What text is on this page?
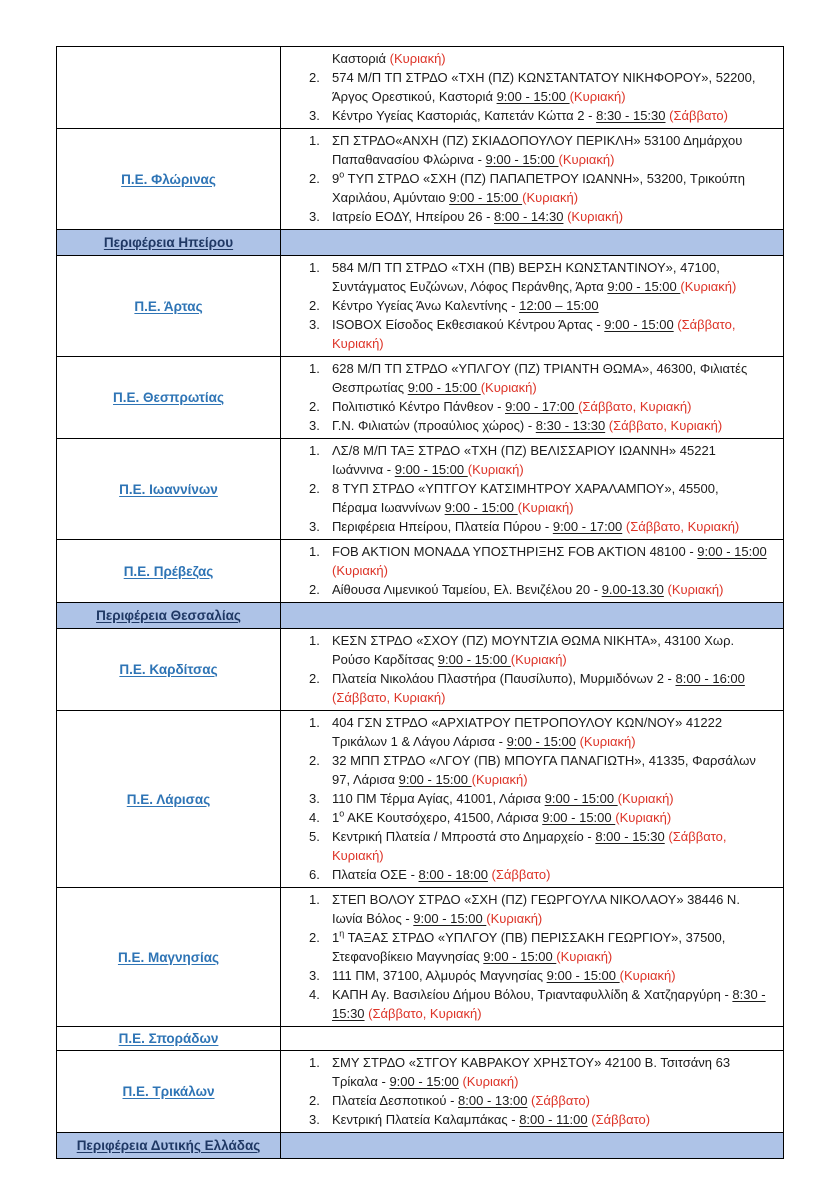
Καστοριά (Κυριακή)
2. 574 Μ/Π ΤΠ ΣΤΡΔΟ «ΤΧΗ (ΠΖ) ΚΩΝΣΤΑΝΤΑΤΟΥ ΝΙΚΗΦΟΡΟΥ», 52200, Άργος Ορεστικού, Καστοριά 9:00 - 15:00 (Κυριακή)
3. Κέντρο Υγείας Καστοριάς, Καπετάν Κώττα 2 - 8:30 - 15:30 (Σάββατο)
Π.Ε. Φλώρινας
1. ΣΠ ΣΤΡΔΟ«ΑΝΧΗ (ΠΖ) ΣΚΙΑΔΟΠΟΥΛΟΥ ΠΕΡΙΚΛΗ» 53100 Δημάρχου Παπαθανασίου Φλώρινα - 9:00 - 15:00 (Κυριακή)
2. $9^o$ ΤΥΠ ΣΤΡΔΟ «ΣΧΗ (ΠΖ) ΠΑΠΑΠΕΤΡΟΥ ΙΩΑΝΝΗ», 53200, Τρικούπη Χαριλάου, Αμύνταιο 9:00 - 15:00 (Κυριακή)
3. Ιατρείο ΕΟΔΥ, Ηπείρου 26 - 8:00 - 14:30 (Κυριακή)
Περιφέρεια Ηπείρου
Π.Ε. Άρτας
1. 584 Μ/Π ΤΠ ΣΤΡΔΟ «ΤΧΗ (ΠΒ) ΒΕΡΣΗ ΚΩΝΣΤΑΝΤΙΝΟΥ», 47100, Συντάγματος Ευζώνων, Λόφος Περάνθης, Άρτα 9:00 - 15:00 (Κυριακή)
2. Κέντρο Υγείας Άνω Καλεντίνης - 12:00 – 15:00
3. ISOBOX Είσοδος Εκθεσιακού Κέντρου Άρτας - 9:00 - 15:00 (Σάββατο, Κυριακή)
Π.Ε. Θεσπρωτίας
1. 628 Μ/Π ΤΠ ΣΤΡΔΟ «ΥΠΛΓΟΥ (ΠΖ) ΤΡΙΑΝΤΗ ΘΩΜΑ», 46300, Φιλιατές Θεσπρωτίας 9:00 - 15:00 (Κυριακή)
2. Πολιτιστικό Κέντρο Πάνθεον - 9:00 - 17:00 (Σάββατο, Κυριακή)
3. Γ.Ν. Φιλιατών (προαύλιος χώρος) - 8:30 - 13:30 (Σάββατο, Κυριακή)
Π.Ε. Ιωαννίνων
1. ΛΣ/8 Μ/Π ΤΑΞ ΣΤΡΔΟ «ΤΧΗ (ΠΖ) ΒΕΛΙΣΣΑΡΙΟΥ ΙΩΑΝΝΗ» 45221 Ιωάννινα - 9:00 - 15:00 (Κυριακή)
2. 8 ΤΥΠ ΣΤΡΔΟ «ΥΠΤΓΟΥ ΚΑΤΣΙΜΗΤΡΟΥ ΧΑΡΑΛΑΜΠΟΥ», 45500, Πέραμα Ιωαννίνων 9:00 - 15:00 (Κυριακή)
3. Περιφέρεια Ηπείρου, Πλατεία Πύρου - 9:00 - 17:00 (Σάββατο, Κυριακή)
Π.Ε. Πρέβεζας
1. FOB AKTION ΜΟΝΑΔΑ ΥΠΟΣΤΗΡΙΞΗΣ FOB AKTION 48100 - 9:00 - 15:00 (Κυριακή)
2. Αίθουσα Λιμενικού Ταμείου, Ελ. Βενιζέλου 20 - 9.00-13.30 (Κυριακή)
Περιφέρεια Θεσσαλίας
Π.Ε. Καρδίτσας
1. ΚΕΣΝ ΣΤΡΔΟ «ΣΧΟΥ (ΠΖ) ΜΟΥΝΤΖΙΑ ΘΩΜΑ ΝΙΚΗΤΑ», 43100 Χωρ. Ρούσο Καρδίτσας 9:00 - 15:00 (Κυριακή)
2. Πλατεία Νικολάου Πλαστήρα (Παυσίλυπο), Μυρμιδόνων 2 - 8:00 - 16:00 (Σάββατο, Κυριακή)
Π.Ε. Λάρισας
1. 404 ΓΣΝ ΣΤΡΔΟ «ΑΡΧΙΑΤΡΟΥ ΠΕΤΡΟΠΟΥΛΟΥ ΚΩΝ/ΝΟΥ» 41222 Τρικάλων 1 & Λάγου Λάρισα - 9:00 - 15:00 (Κυριακή)
2. 32 ΜΠΠ ΣΤΡΔΟ «ΛΓΟΥ (ΠΒ) ΜΠΟΥΓΑ ΠΑΝΑΓΙΩΤΗ», 41335, Φαρσάλων 97, Λάρισα 9:00 - 15:00 (Κυριακή)
3. 110 ΠΜ Τέρμα Αγίας, 41001, Λάρισα 9:00 - 15:00 (Κυριακή)
4. $1^o$ ΑΚΕ Κουτσόχερο, 41500, Λάρισα 9:00 - 15:00 (Κυριακή)
5. Κεντρική Πλατεία / Μπροστά στο Δημαρχείο - 8:00 - 15:30 (Σάββατο, Κυριακή)
6. Πλατεία ΟΣΕ - 8:00 - 18:00 (Σάββατο)
Π.Ε. Μαγνησίας
1. ΣΤΕΠ ΒΟΛΟΥ ΣΤΡΔΟ «ΣΧΗ (ΠΖ) ΓΕΩΡΓΟΥΛΑ ΝΙΚΟΛΑΟΥ» 38446 Ν. Ιωνία Βόλος - 9:00 - 15:00 (Κυριακή)
2. $1^\eta$ ΤΑΞΑΣ ΣΤΡΔΟ «ΥΠΛΓΟΥ (ΠΒ) ΠΕΡΙΣΣΑΚΗ ΓΕΩΡΓΙΟΥ», 37500, Στεφανοβίκειο Μαγνησίας 9:00 - 15:00 (Κυριακή)
3. 111 ΠΜ, 37100, Αλμυρός Μαγνησίας 9:00 - 15:00 (Κυριακή)
4. ΚΑΠΗ Αγ. Βασιλείου Δήμου Βόλου, Τριανταφυλλίδη & Χατζηαργύρη - 8:30 - 15:30 (Σάββατο, Κυριακή)
Π.Ε. Σποράδων
Π.Ε. Τρικάλων
1. ΣΜΥ ΣΤΡΔΟ «ΣΤΓΟΥ ΚΑΒΡΑΚΟΥ ΧΡΗΣΤΟΥ» 42100 Β. Τσιτσάνη 63 Τρίκαλα - 9:00 - 15:00 (Κυριακή)
2. Πλατεία Δεσποτικού - 8:00 - 13:00 (Σάββατο)
3. Κεντρική Πλατεία Καλαμπάκας - 8:00 - 11:00 (Σάββατο)
Περιφέρεια Δυτικής Ελλάδας
